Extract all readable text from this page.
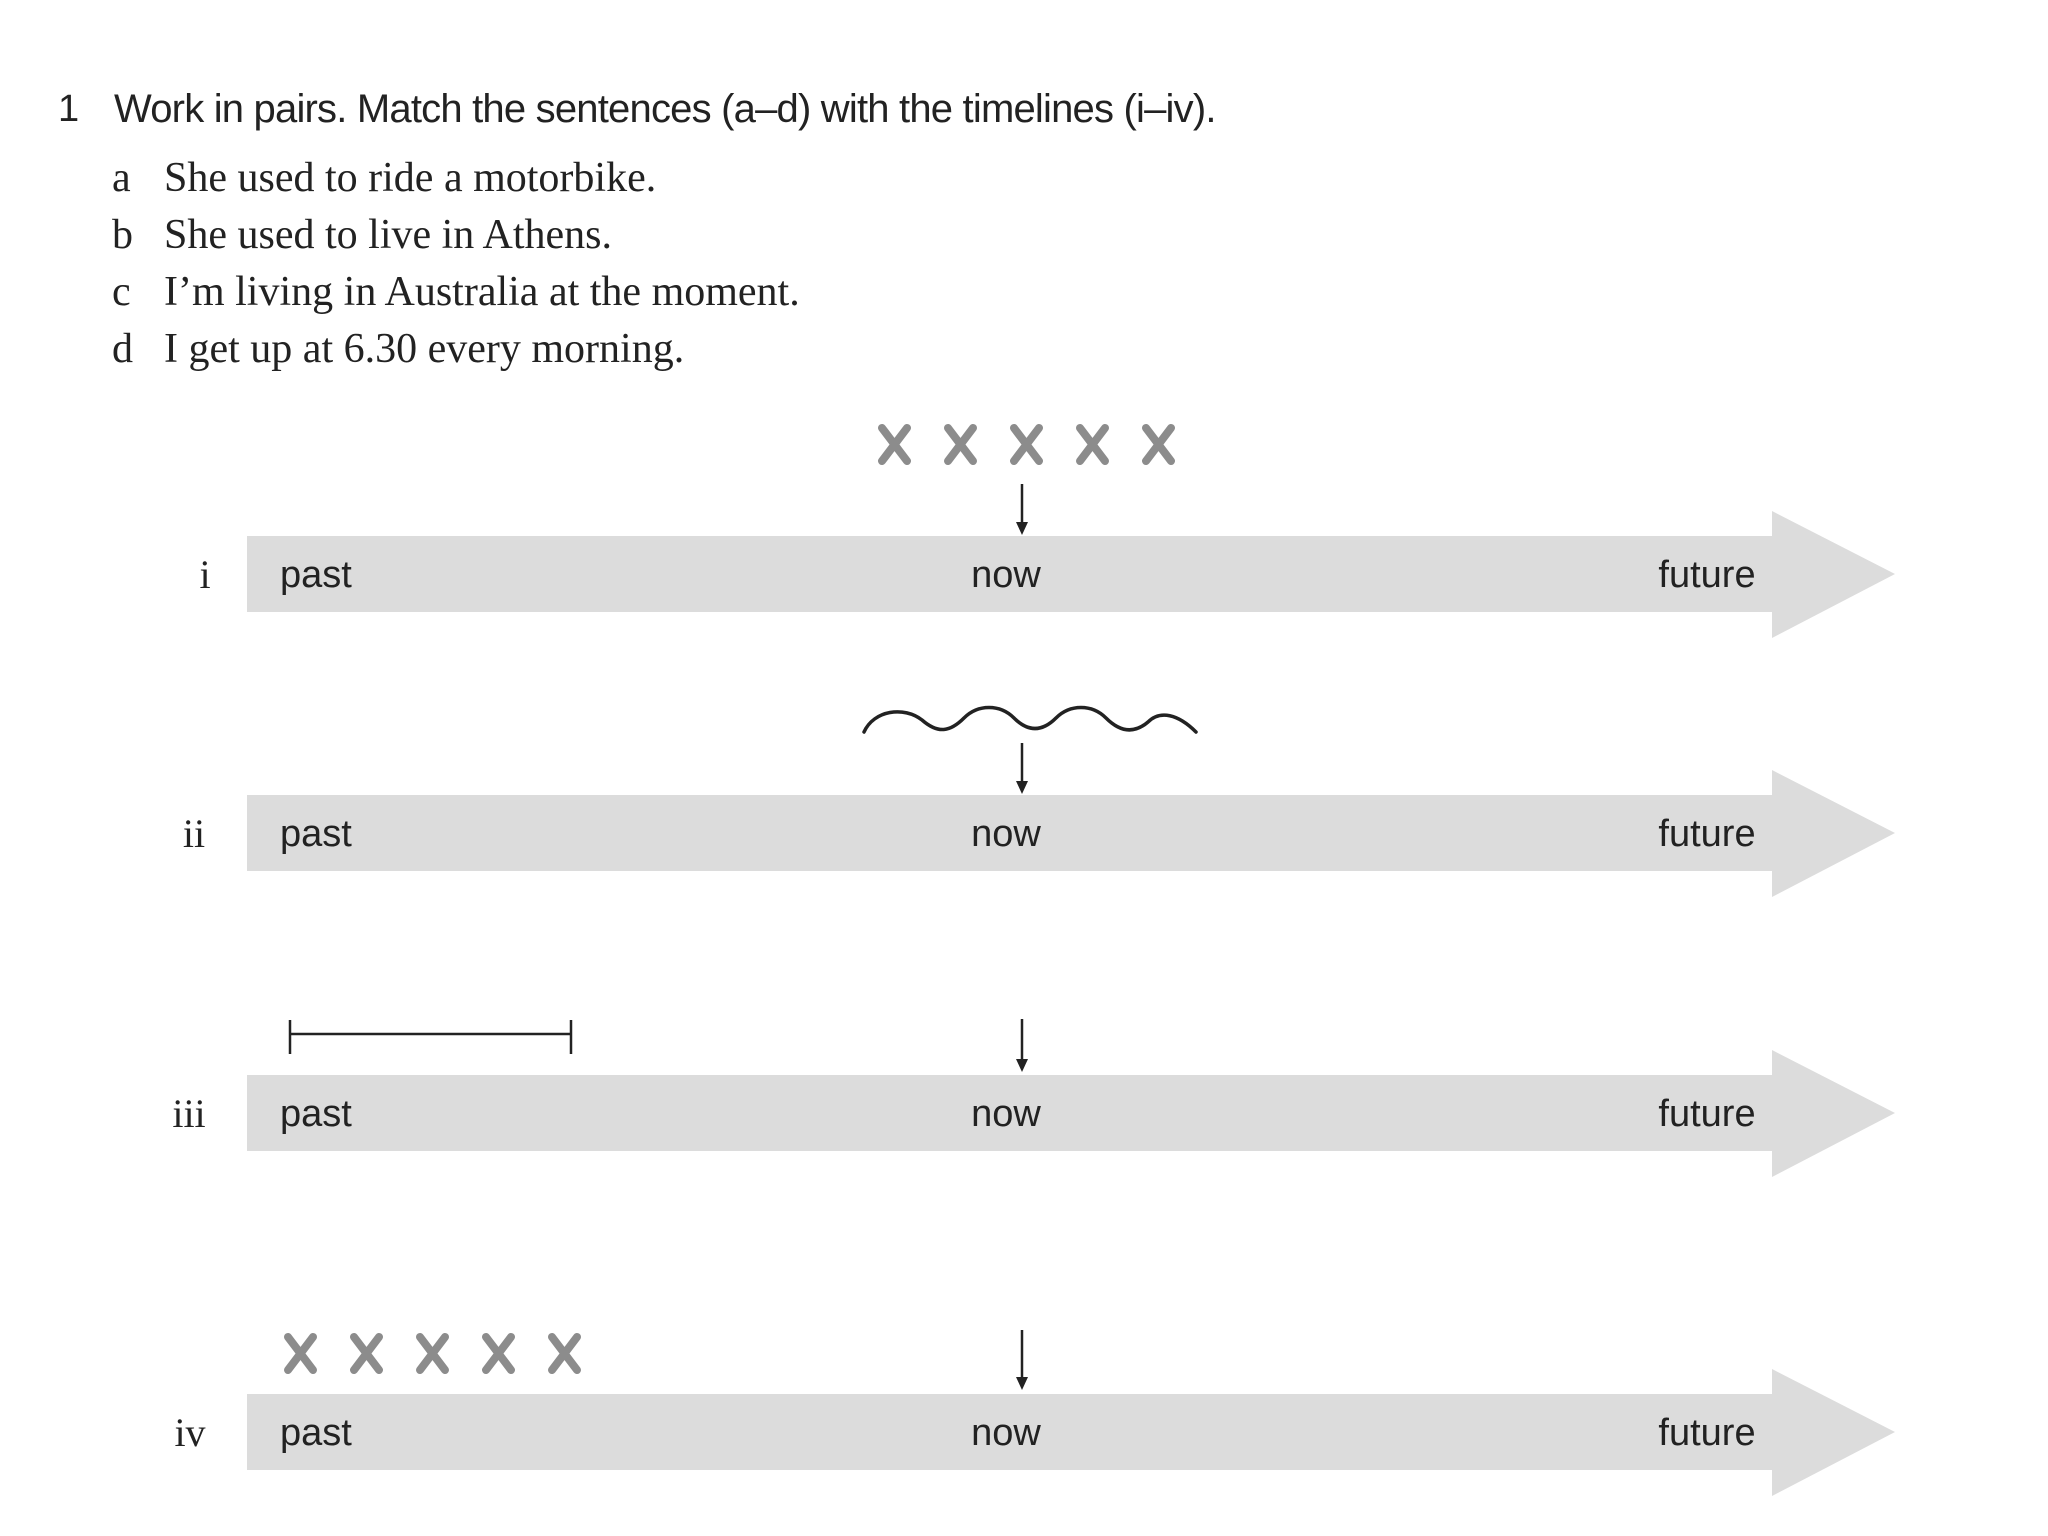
1 Work in pairs. Match the sentences (a–d) with the timelines (i–iv).
a She used to ride a motorbike.
b She used to live in Athens.
c I’m living in Australia at the moment.
d I get up at 6.30 every morning.
i past	now	future
ii past	now	future
iii past	now	future
iv past	now	future
